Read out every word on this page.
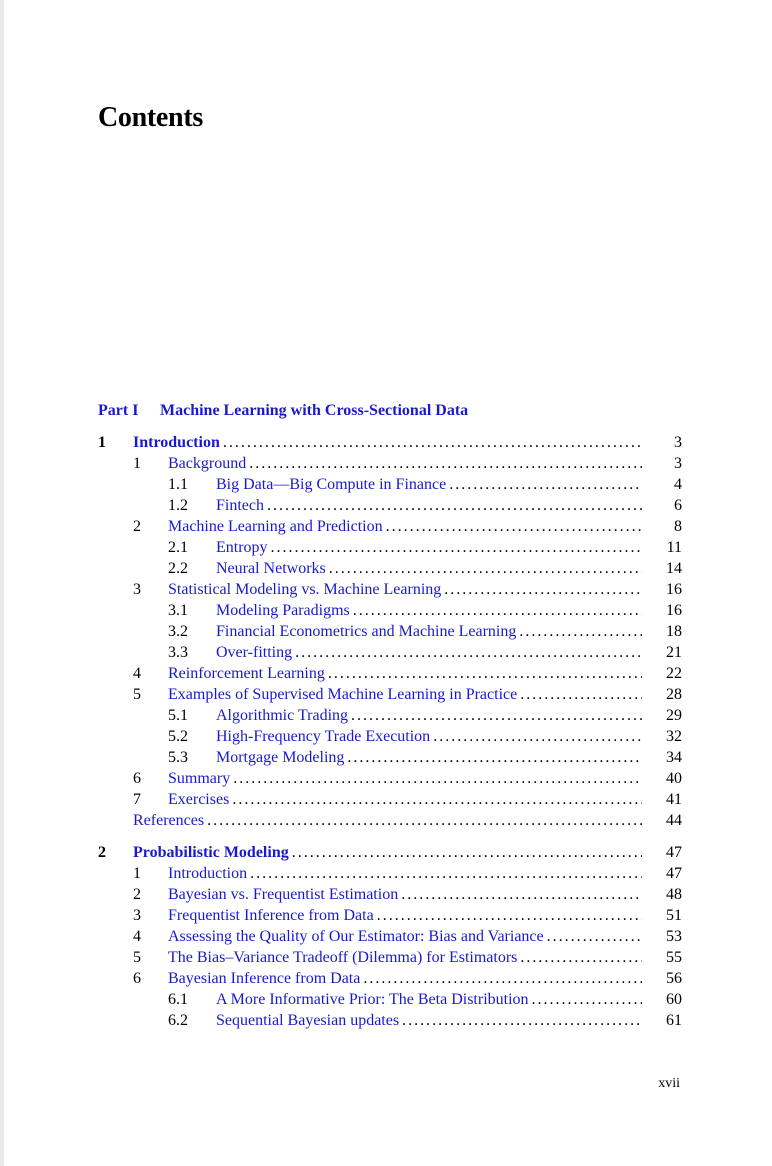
Contents
Part I Machine Learning with Cross-Sectional Data
1 Introduction .....	3
1 Background .....	3
1.1 Big Data—Big Compute in Finance .....	4
1.2 Fintech .....	6
2 Machine Learning and Prediction .....	8
2.1 Entropy .....	11
2.2 Neural Networks .....	14
3 Statistical Modeling vs. Machine Learning .....	16
3.1 Modeling Paradigms .....	16
3.2 Financial Econometrics and Machine Learning .....	18
3.3 Over-fitting .....	21
4 Reinforcement Learning .....	22
5 Examples of Supervised Machine Learning in Practice .....	28
5.1 Algorithmic Trading .....	29
5.2 High-Frequency Trade Execution .....	32
5.3 Mortgage Modeling .....	34
6 Summary .....	40
7 Exercises .....	41
References .....	44
2 Probabilistic Modeling .....	47
1 Introduction .....	47
2 Bayesian vs. Frequentist Estimation .....	48
3 Frequentist Inference from Data .....	51
4 Assessing the Quality of Our Estimator: Bias and Variance .....	53
5 The Bias–Variance Tradeoff (Dilemma) for Estimators .....	55
6 Bayesian Inference from Data .....	56
6.1 A More Informative Prior: The Beta Distribution .....	60
6.2 Sequential Bayesian updates .....	61
xvii
